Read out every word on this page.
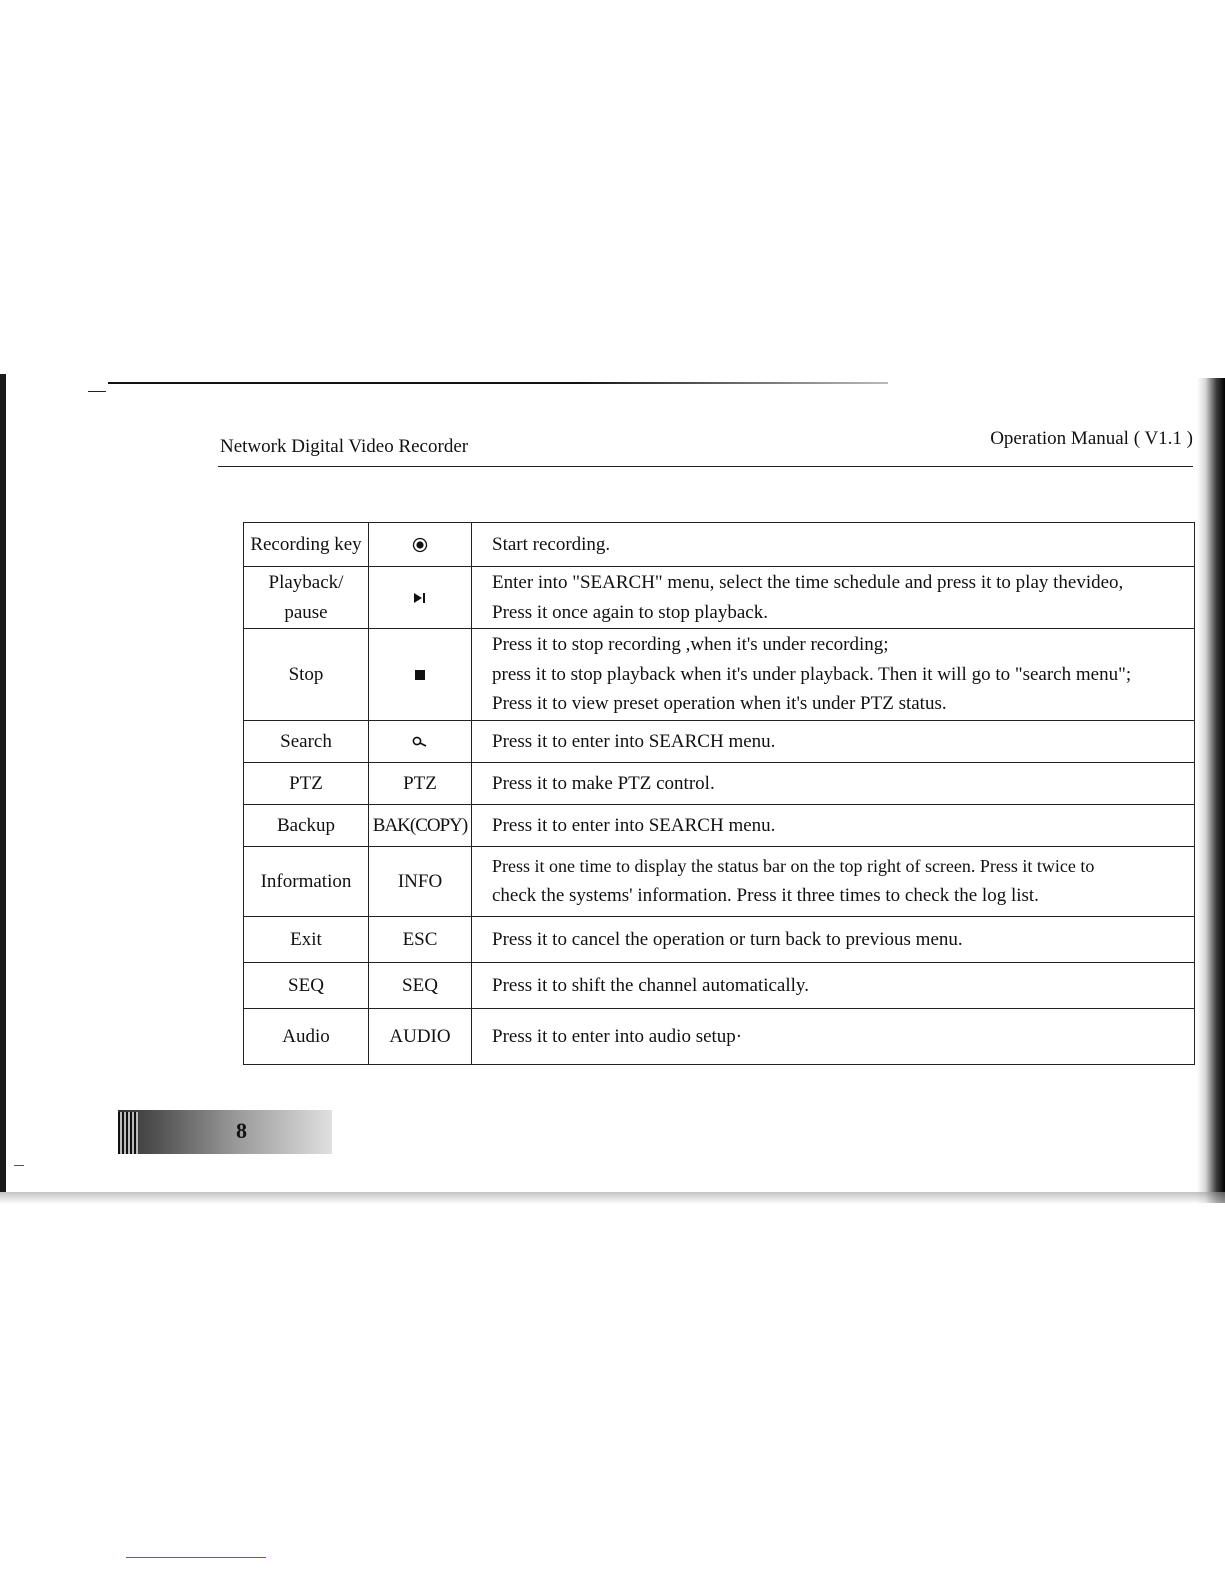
Network Digital Video Recorder	Operation Manual ( V1.1 )
Recording key		Start recording.

Playback/ pause		Enter into "SEARCH" menu, select the time schedule and press it to play thevideo,
Press it once again to stop playback.

Stop		Press it to stop recording ,when it's under recording;
press it to stop playback when it's under playback. Then it will go to "search menu";
Press it to view preset operation when it's under PTZ status.

Search		Press it to enter into SEARCH menu.

PTZ	PTZ	Press it to make PTZ control.

Backup	BAK(COPY)	Press it to enter into SEARCH menu.

Information	INFO	Press it one time to display the status bar on the top right of screen. Press it twice to
check the systems' information. Press it three times to check the log list.

Exit	ESC	Press it to cancel the operation or turn back to previous menu.

SEQ	SEQ	Press it to shift the channel automatically.

Audio	AUDIO	Press it to enter into audio setup·
8
